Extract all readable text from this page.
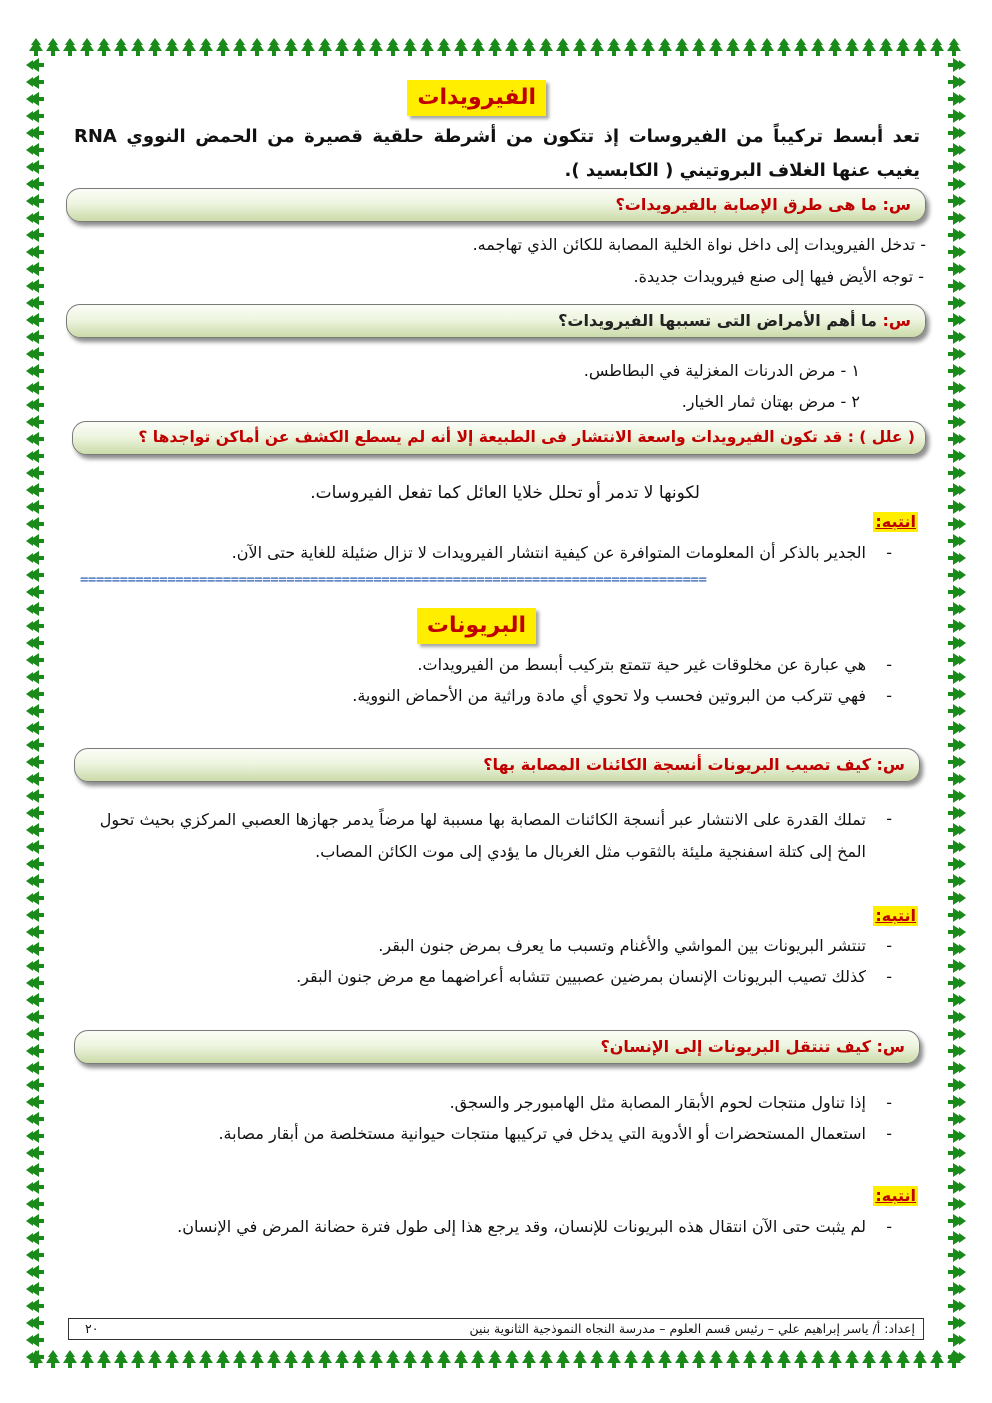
الفيرويدات
تعد أبسط تركيباً من الفيروسات إذ تتكون من أشرطة حلقية قصيرة من الحمض النووي RNA يغيب عنها الغلاف البروتيني ( الكابسيد ).
س: ما هى طرق الإصابة بالفيرويدات؟
- تدخل الفيرويدات إلى داخل نواة الخلية المصابة للكائن الذي تهاجمه.
- توجه الأيض فيها إلى صنع فيرويدات جديدة.
س: ما أهم الأمراض التى تسببها الفيرويدات؟
١ - مرض الدرنات المغزلية في البطاطس.
٢ - مرض بهتان ثمار الخيار.
( علل ) : قد تكون الفيرويدات واسعة الانتشار فى الطبيعة إلا أنه لم يسطع الكشف عن أماكن تواجدها ؟
لكونها لا تدمر أو تحلل خلايا العائل كما تفعل الفيروسات.
انتبه:
-الجدير بالذكر أن المعلومات المتوافرة عن كيفية انتشار الفيرويدات لا تزال ضئيلة للغاية حتى الآن.
===============================================================================
البريونات
-هي عبارة عن مخلوقات غير حية تتمتع بتركيب أبسط من الفيرويدات.
-فهي تتركب من البروتين فحسب ولا تحوي أي مادة وراثية من الأحماض النووية.
س: كيف تصيب البريونات أنسجة الكائنات المصابة بها؟
-
تملك القدرة على الانتشار عبر أنسجة الكائنات المصابة بها مسببة لها مرضاً يدمر جهازها العصبي المركزي بحيث تحول المخ إلى كتلة اسفنجية مليئة بالثقوب مثل الغربال ما يؤدي إلى موت الكائن المصاب.
انتبه:
-تنتشر البريونات بين المواشي والأغنام وتسبب ما يعرف بمرض جنون البقر.
-كذلك تصيب البريونات الإنسان بمرضين عصبيين تتشابه أعراضهما مع مرض جنون البقر.
س: كيف تنتقل البريونات إلى الإنسان؟
-إذا تناول منتجات لحوم الأبقار المصابة مثل الهامبورجر والسجق.
-استعمال المستحضرات أو الأدوية التي يدخل في تركيبها منتجات حيوانية مستخلصة من أبقار مصابة.
انتبه:
-لم يثبت حتى الآن انتقال هذه البريونات للإنسان، وقد يرجع هذا إلى طول فترة حضانة المرض في الإنسان.
إعداد: أ/ ياسر إبراهيم علي – رئيس قسم العلوم – مدرسة النجاه النموذجية الثانوية بنين
٢٠
